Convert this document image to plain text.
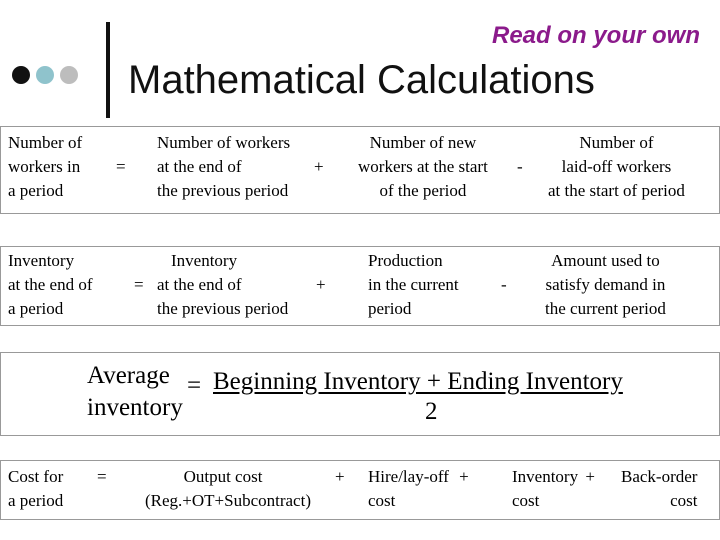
Read on your own
Mathematical Calculations
Number of
workers in
a period
=
Number of workers
at the end of
the previous period
+
Number of new
workers at the start
of the period
-
Number of
laid-off workers
at the start of period
Inventory
at the end of
a period
=
Inventory
at the end of
the previous period
+
Production
in the current
period
-
Amount used to
satisfy demand in
the current period
Average
inventory
= Beginning Inventory + Ending Inventory
2
Cost for
a period
=	Output cost
(Reg.+OT+Subcontract)
+ Hire/lay-off +
cost
Inventory +
cost
Back-order
cost
